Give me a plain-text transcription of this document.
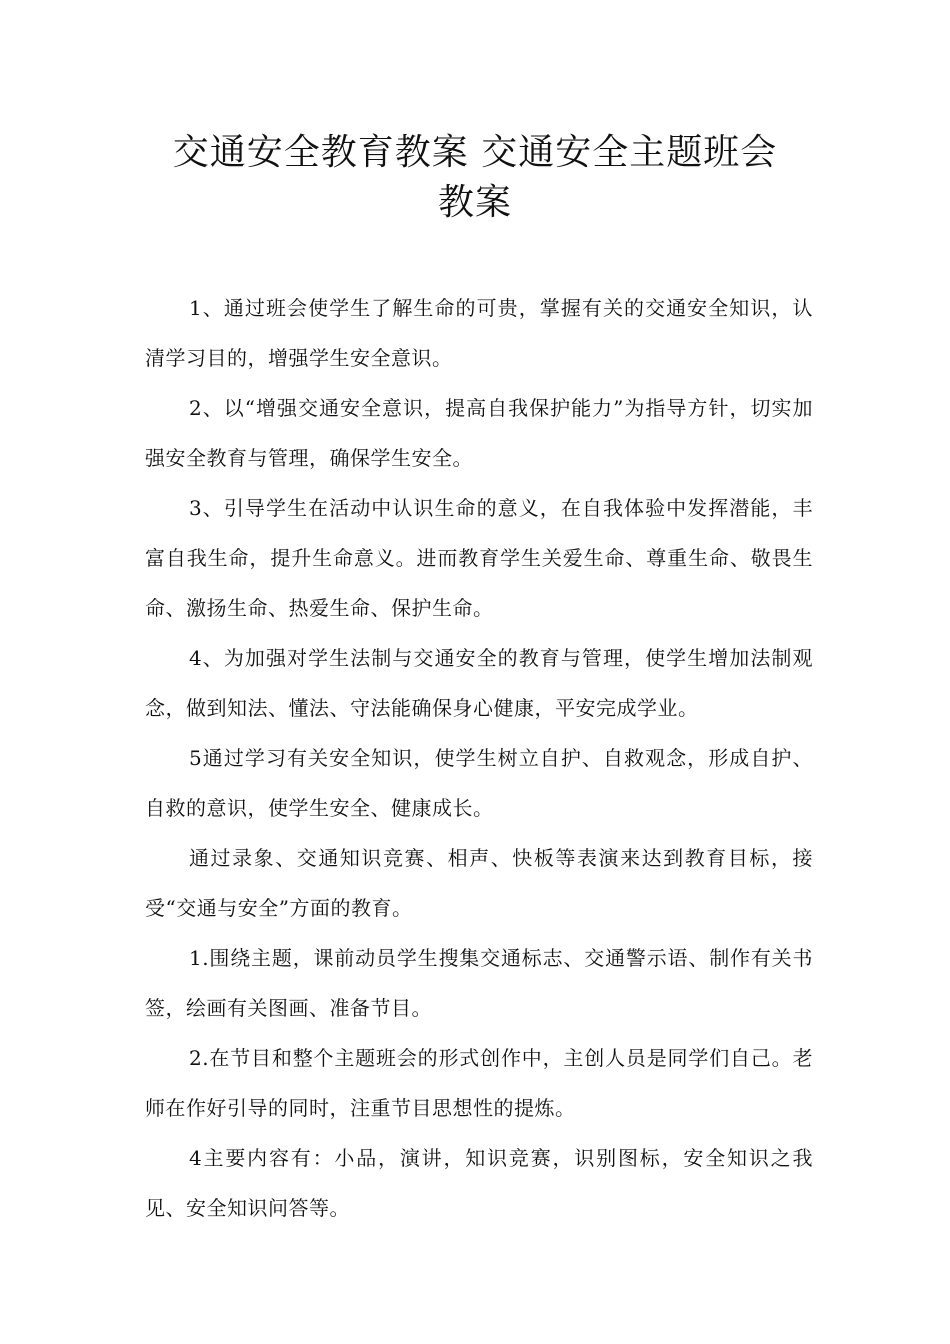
交通安全教育教案 交通安全主题班会
教案

1、通过班会使学生了解生命的可贵，掌握有关的交通安全知识，认清学习目的，增强学生安全意识。

2、以“增强交通安全意识，提高自我保护能力”为指导方针，切实加强安全教育与管理，确保学生安全。

3、引导学生在活动中认识生命的意义，在自我体验中发挥潜能，丰富自我生命，提升生命意义。进而教育学生关爱生命、尊重生命、敬畏生命、激扬生命、热爱生命、保护生命。

4、为加强对学生法制与交通安全的教育与管理，使学生增加法制观念，做到知法、懂法、守法能确保身心健康，平安完成学业。

5通过学习有关安全知识，使学生树立自护、自救观念，形成自护、自救的意识，使学生安全、健康成长。

通过录象、交通知识竞赛、相声、快板等表演来达到教育目标，接受“交通与安全”方面的教育。

1.围绕主题，课前动员学生搜集交通标志、交通警示语、制作有关书签，绘画有关图画、准备节目。

2.在节目和整个主题班会的形式创作中，主创人员是同学们自己。老师在作好引导的同时，注重节目思想性的提炼。

4主要内容有：小品，演讲，知识竞赛，识别图标，安全知识之我见、安全知识问答等。
